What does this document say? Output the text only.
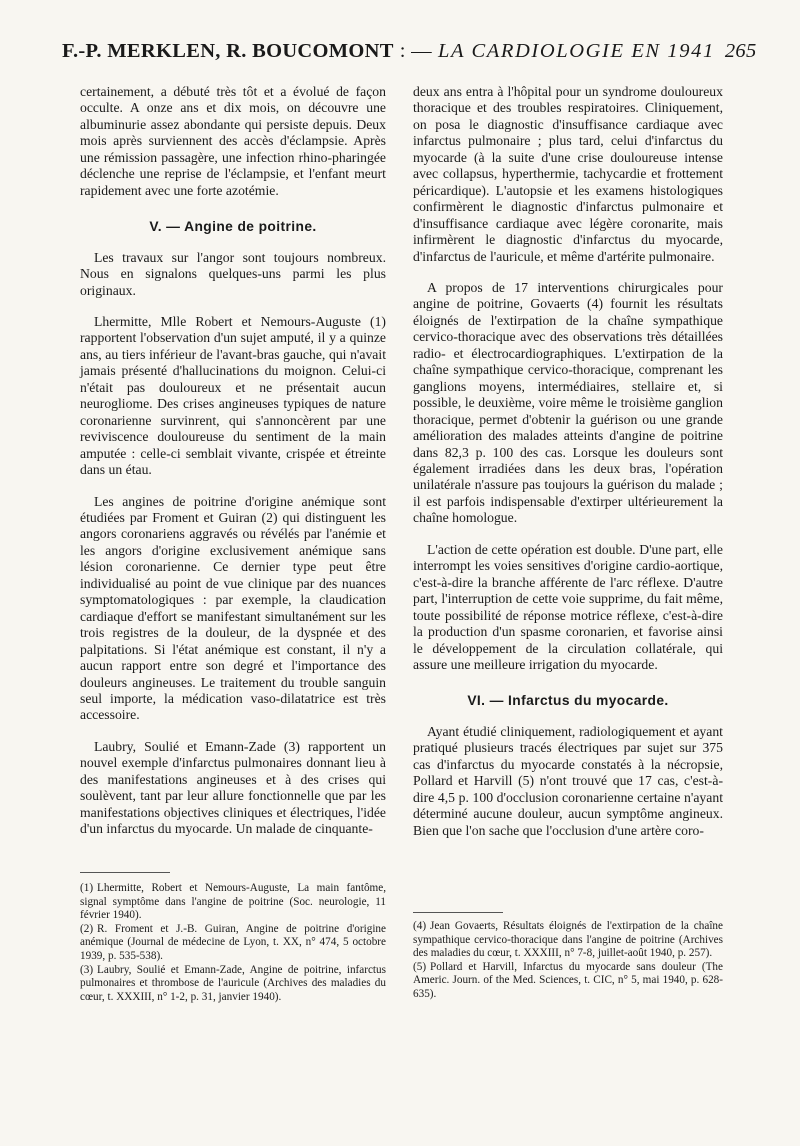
F.-P. MERKLEN, R. BOUCOMONT : — LA CARDIOLOGIE EN 1941 265

certainement, a débuté très tôt et a évolué de façon occulte. A onze ans et dix mois, on découvre une albuminurie assez abondante qui persiste depuis. Deux mois après surviennent des accès d'éclampsie. Après une rémission passagère, une infection rhino-pharingée déclenche une reprise de l'éclampsie, et l'enfant meurt rapidement avec une forte azotémie.

V. — Angine de poitrine.

Les travaux sur l'angor sont toujours nombreux. Nous en signalons quelques-uns parmi les plus originaux.

Lhermitte, Mlle Robert et Nemours-Auguste (1) rapportent l'observation d'un sujet amputé, il y a quinze ans, au tiers inférieur de l'avant-bras gauche, qui n'avait jamais présenté d'hallucinations du moignon. Celui-ci n'était pas douloureux et ne présentait aucun neurogliome. Des crises angineuses typiques de nature coronarienne survinrent, qui s'annoncèrent par une reviviscence douloureuse du sentiment de la main amputée : celle-ci semblait vivante, crispée et étreinte dans un étau.

Les angines de poitrine d'origine anémique sont étudiées par Froment et Guiran (2) qui distinguent les angors coronariens aggravés ou révélés par l'anémie et les angors d'origine exclusivement anémique sans lésion coronarienne. Ce dernier type peut être individualisé au point de vue clinique par des nuances symptomatologiques : par exemple, la claudication cardiaque d'effort se manifestant simultanément sur les trois registres de la douleur, de la dyspnée et des palpitations. Si l'état anémique est constant, il n'y a aucun rapport entre son degré et l'importance des douleurs angineuses. Le traitement du trouble sanguin seul importe, la médication vaso-dilatatrice est très accessoire.

Laubry, Soulié et Emann-Zade (3) rapportent un nouvel exemple d'infarctus pulmonaires donnant lieu à des manifestations angineuses et à des crises qui soulèvent, tant par leur allure fonctionnelle que par les manifestations objectives cliniques et électriques, l'idée d'un infarctus du myocarde. Un malade de cinquante-

deux ans entra à l'hôpital pour un syndrome douloureux thoracique et des troubles respiratoires. Cliniquement, on posa le diagnostic d'insuffisance cardiaque avec infarctus pulmonaire ; plus tard, celui d'infarctus du myocarde (à la suite d'une crise douloureuse intense avec collapsus, hyperthermie, tachycardie et frottement péricardique). L'autopsie et les examens histologiques confirmèrent le diagnostic d'infarctus pulmonaire et d'insuffisance cardiaque avec légère coronarite, mais infirmèrent le diagnostic d'infarctus du myocarde, d'infarctus de l'auricule, et même d'artérite pulmonaire.

A propos de 17 interventions chirurgicales pour angine de poitrine, Govaerts (4) fournit les résultats éloignés de l'extirpation de la chaîne sympathique cervico-thoracique avec des observations très détaillées radio- et électrocardiographiques. L'extirpation de la chaîne sympathique cervico-thoracique, comprenant les ganglions moyens, intermédiaires, stellaire et, si possible, le deuxième, voire même le troisième ganglion thoracique, permet d'obtenir la guérison ou une grande amélioration des malades atteints d'angine de poitrine dans 82,3 p. 100 des cas. Lorsque les douleurs sont également irradiées dans les deux bras, l'opération unilatérale n'assure pas toujours la guérison du malade ; il est parfois indispensable d'extirper ultérieurement la chaîne homologue.

L'action de cette opération est double. D'une part, elle interrompt les voies sensitives d'origine cardio-aortique, c'est-à-dire la branche afférente de l'arc réflexe. D'autre part, l'interruption de cette voie supprime, du fait même, toute possibilité de réponse motrice réflexe, c'est-à-dire la production d'un spasme coronarien, et favorise ainsi le développement de la circulation collatérale, qui assure une meilleure irrigation du myocarde.

VI. — Infarctus du myocarde.

Ayant étudié cliniquement, radiologiquement et ayant pratiqué plusieurs tracés électriques par sujet sur 375 cas d'infarctus du myocarde constatés à la nécropsie, Pollard et Harvill (5) n'ont trouvé que 17 cas, c'est-à-dire 4,5 p. 100 d'occlusion coronarienne certaine n'ayant déterminé aucune douleur, aucun symptôme angineux. Bien que l'on sache que l'occlusion d'une artère coro-

(1) Lhermitte, Robert et Nemours-Auguste, La main fantôme, signal symptôme dans l'angine de poitrine (Soc. neurologie, 11 février 1940).

(2) R. Froment et J.-B. Guiran, Angine de poitrine d'origine anémique (Journal de médecine de Lyon, t. XX, n° 474, 5 octobre 1939, p. 535-538).

(3) Laubry, Soulié et Emann-Zade, Angine de poitrine, infarctus pulmonaires et thrombose de l'auricule (Archives des maladies du cœur, t. XXXIII, n° 1-2, p. 31, janvier 1940).

(4) Jean Govaerts, Résultats éloignés de l'extirpation de la chaîne sympathique cervico-thoracique dans l'angine de poitrine (Archives des maladies du cœur, t. XXXIII, n° 7-8, juillet-août 1940, p. 257).

(5) Pollard et Harvill, Infarctus du myocarde sans douleur (The Americ. Journ. of the Med. Sciences, t. CIC, n° 5, mai 1940, p. 628-635).
